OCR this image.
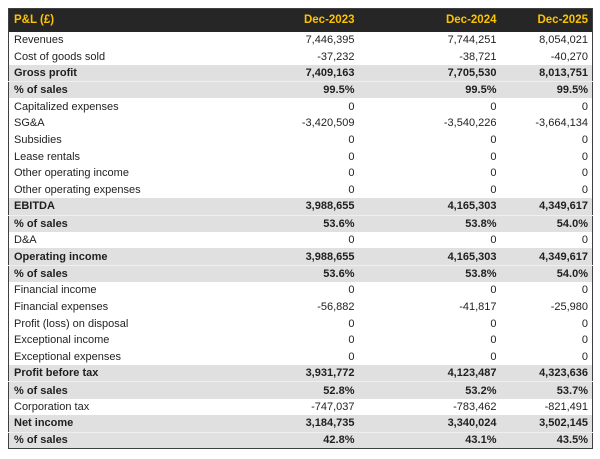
P&L (£)	Dec-2023	Dec-2024	Dec-2025
Revenues	7,446,395	7,744,251	8,054,021
Cost of goods sold	-37,232	-38,721	-40,270
Gross profit	7,409,163	7,705,530	8,013,751
% of sales	99.5%	99.5%	99.5%
Capitalized expenses	0	0	0
SG&A	-3,420,509	-3,540,226	-3,664,134
Subsidies	0	0	0
Lease rentals	0	0	0
Other operating income	0	0	0
Other operating expenses	0	0	0
EBITDA	3,988,655	4,165,303	4,349,617
% of sales	53.6%	53.8%	54.0%
D&A	0	0	0
Operating income	3,988,655	4,165,303	4,349,617
% of sales	53.6%	53.8%	54.0%
Financial income	0	0	0
Financial expenses	-56,882	-41,817	-25,980
Profit (loss) on disposal	0	0	0
Exceptional income	0	0	0
Exceptional expenses	0	0	0
Profit before tax	3,931,772	4,123,487	4,323,636
% of sales	52.8%	53.2%	53.7%
Corporation tax	-747,037	-783,462	-821,491
Net income	3,184,735	3,340,024	3,502,145
% of sales	42.8%	43.1%	43.5%
